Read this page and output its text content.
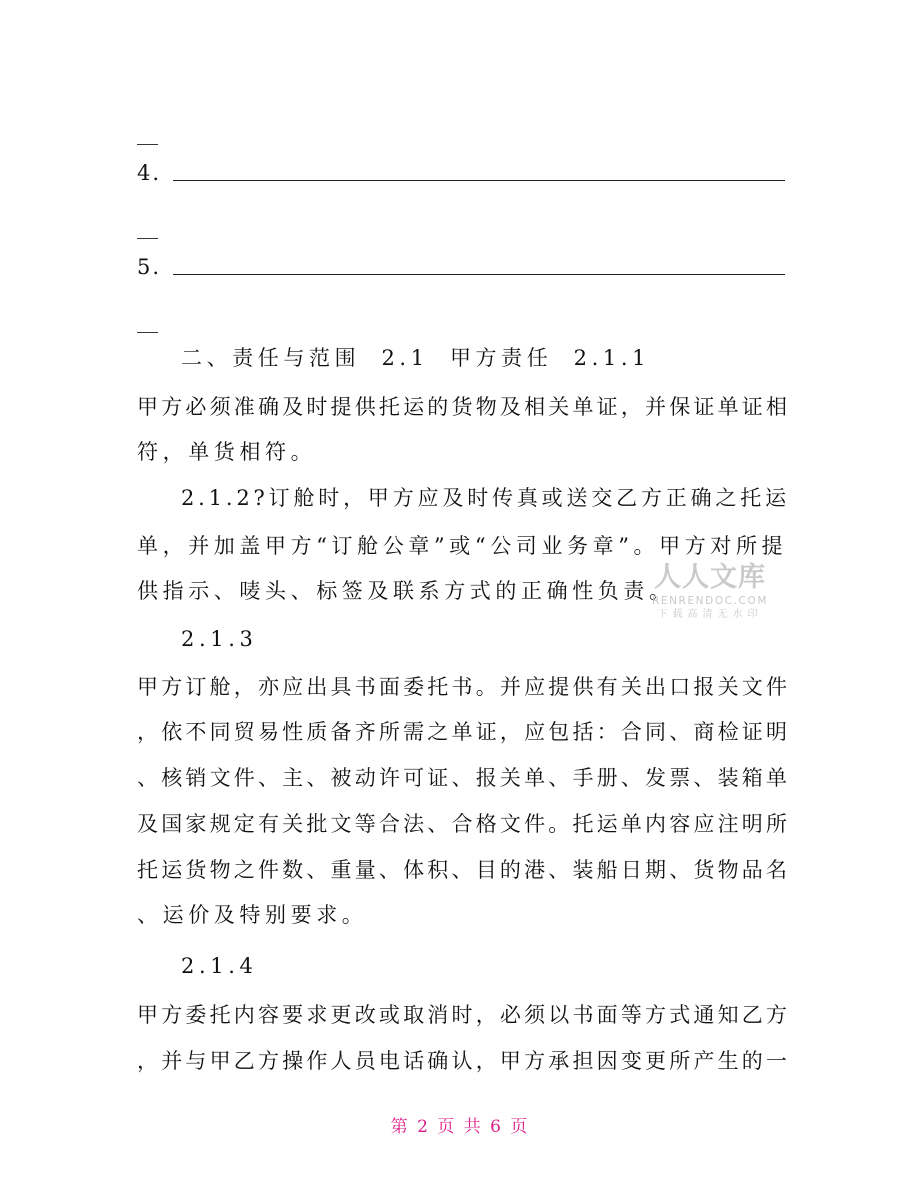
__
4.
__
5.
__
二、责任与范围 2.1 甲方责任 2.1.1
甲方必须准确及时提供托运的货物及相关单证，并保证单证相
符，单货相符。
2.1.2?订舱时，甲方应及时传真或送交乙方正确之托运
单，并加盖甲方“订舱公章”或“公司业务章”。甲方对所提
供指示、唛头、标签及联系方式的正确性负责。
人人文库
RENRENDOC.COM
下载高清无水印
2.1.3
甲方订舱，亦应出具书面委托书。并应提供有关出口报关文件
，依不同贸易性质备齐所需之单证，应包括：合同、商检证明
、核销文件、主、被动许可证、报关单、手册、发票、装箱单
及国家规定有关批文等合法、合格文件。托运单内容应注明所
托运货物之件数、重量、体积、目的港、装船日期、货物品名
、运价及特别要求。
2.1.4
甲方委托内容要求更改或取消时，必须以书面等方式通知乙方
，并与甲乙方操作人员电话确认，甲方承担因变更所产生的一
第 2 页 共 6 页
